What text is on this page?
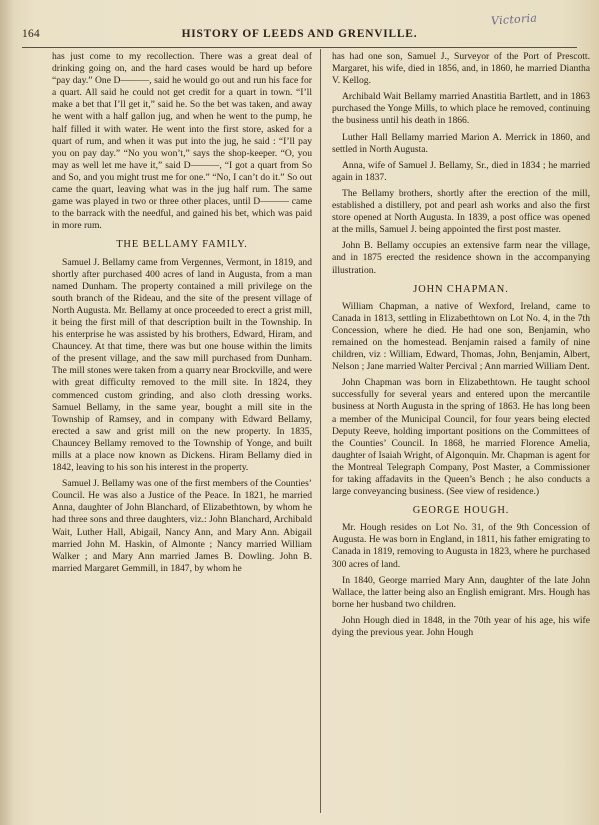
164	HISTORY OF LEEDS AND GRENVILLE.
Victoria

has just come to my recollection. There was a great deal of drinking going on, and the hard cases would be hard up before “pay day.” One D———, said he would go out and run his face for a quart. All said he could not get credit for a quart in town. “I’ll make a bet that I’ll get it,” said he. So the bet was taken, and away he went with a half gallon jug, and when he went to the pump, he half filled it with water. He went into the first store, asked for a quart of rum, and when it was put into the jug, he said : “I’ll pay you on pay day.” “No you won’t,” says the shop-keeper. “O, you may as well let me have it,” said D———, “I got a quart from So and So, and you might trust me for one.” “No, I can’t do it.” So out came the quart, leaving what was in the jug half rum. The same game was played in two or three other places, until D——— came to the barrack with the needful, and gained his bet, which was paid in more rum.

THE BELLAMY FAMILY.

Samuel J. Bellamy came from Vergennes, Vermont, in 1819, and shortly after purchased 400 acres of land in Augusta, from a man named Dunham. The property contained a mill privilege on the south branch of the Rideau, and the site of the present village of North Augusta. Mr. Bellamy at once proceeded to erect a grist mill, it being the first mill of that description built in the Township. In his enterprise he was assisted by his brothers, Edward, Hiram, and Chauncey. At that time, there was but one house within the limits of the present village, and the saw mill purchased from Dunham. The mill stones were taken from a quarry near Brockville, and were with great difficulty removed to the mill site. In 1824, they commenced custom grinding, and also cloth dressing works. Samuel Bellamy, in the same year, bought a mill site in the Township of Ramsey, and in company with Edward Bellamy, erected a saw and grist mill on the new property. In 1835, Chauncey Bellamy removed to the Township of Yonge, and built mills at a place now known as Dickens. Hiram Bellamy died in 1842, leaving to his son his interest in the property.

Samuel J. Bellamy was one of the first members of the Counties’ Council. He was also a Justice of the Peace. In 1821, he married Anna, daughter of John Blanchard, of Elizabethtown, by whom he had three sons and three daughters, viz.: John Blanchard, Archibald Wait, Luther Hall, Abigail, Nancy Ann, and Mary Ann. Abigail married John M. Haskin, of Almonte ; Nancy married William Walker ; and Mary Ann married James B. Dowling. John B. married Margaret Gemmill, in 1847, by whom he

has had one son, Samuel J., Surveyor of the Port of Prescott. Margaret, his wife, died in 1856, and, in 1860, he married Diantha V. Kellog.

Archibald Wait Bellamy married Anastitia Bartlett, and in 1863 purchased the Yonge Mills, to which place he removed, continuing the business until his death in 1866.

Luther Hall Bellamy married Marion A. Merrick in 1860, and settled in North Augusta.

Anna, wife of Samuel J. Bellamy, Sr., died in 1834 ; he married again in 1837.

The Bellamy brothers, shortly after the erection of the mill, established a distillery, pot and pearl ash works and also the first store opened at North Augusta. In 1839, a post office was opened at the mills, Samuel J. being appointed the first post master.

John B. Bellamy occupies an extensive farm near the village, and in 1875 erected the residence shown in the accompanying illustration.

JOHN CHAPMAN.

William Chapman, a native of Wexford, Ireland, came to Canada in 1813, settling in Elizabethtown on Lot No. 4, in the 7th Concession, where he died. He had one son, Benjamin, who remained on the homestead. Benjamin raised a family of nine children, viz : William, Edward, Thomas, John, Benjamin, Albert, Nelson ; Jane married Walter Percival ; Ann married William Dent.

John Chapman was born in Elizabethtown. He taught school successfully for several years and entered upon the mercantile business at North Augusta in the spring of 1863. He has long been a member of the Municipal Council, for four years being elected Deputy Reeve, holding important positions on the Committees of the Counties’ Council. In 1868, he married Florence Amelia, daughter of Isaiah Wright, of Algonquin. Mr. Chapman is agent for the Montreal Telegraph Company, Post Master, a Commissioner for taking affadavits in the Queen’s Bench ; he also conducts a large conveyancing business. (See view of residence.)

GEORGE HOUGH.

Mr. Hough resides on Lot No. 31, of the 9th Concession of Augusta. He was born in England, in 1811, his father emigrating to Canada in 1819, removing to Augusta in 1823, where he purchased 300 acres of land.

In 1840, George married Mary Ann, daughter of the late John Wallace, the latter being also an English emigrant. Mrs. Hough has borne her husband two children.

John Hough died in 1848, in the 70th year of his age, his wife dying the previous year. John Hough
